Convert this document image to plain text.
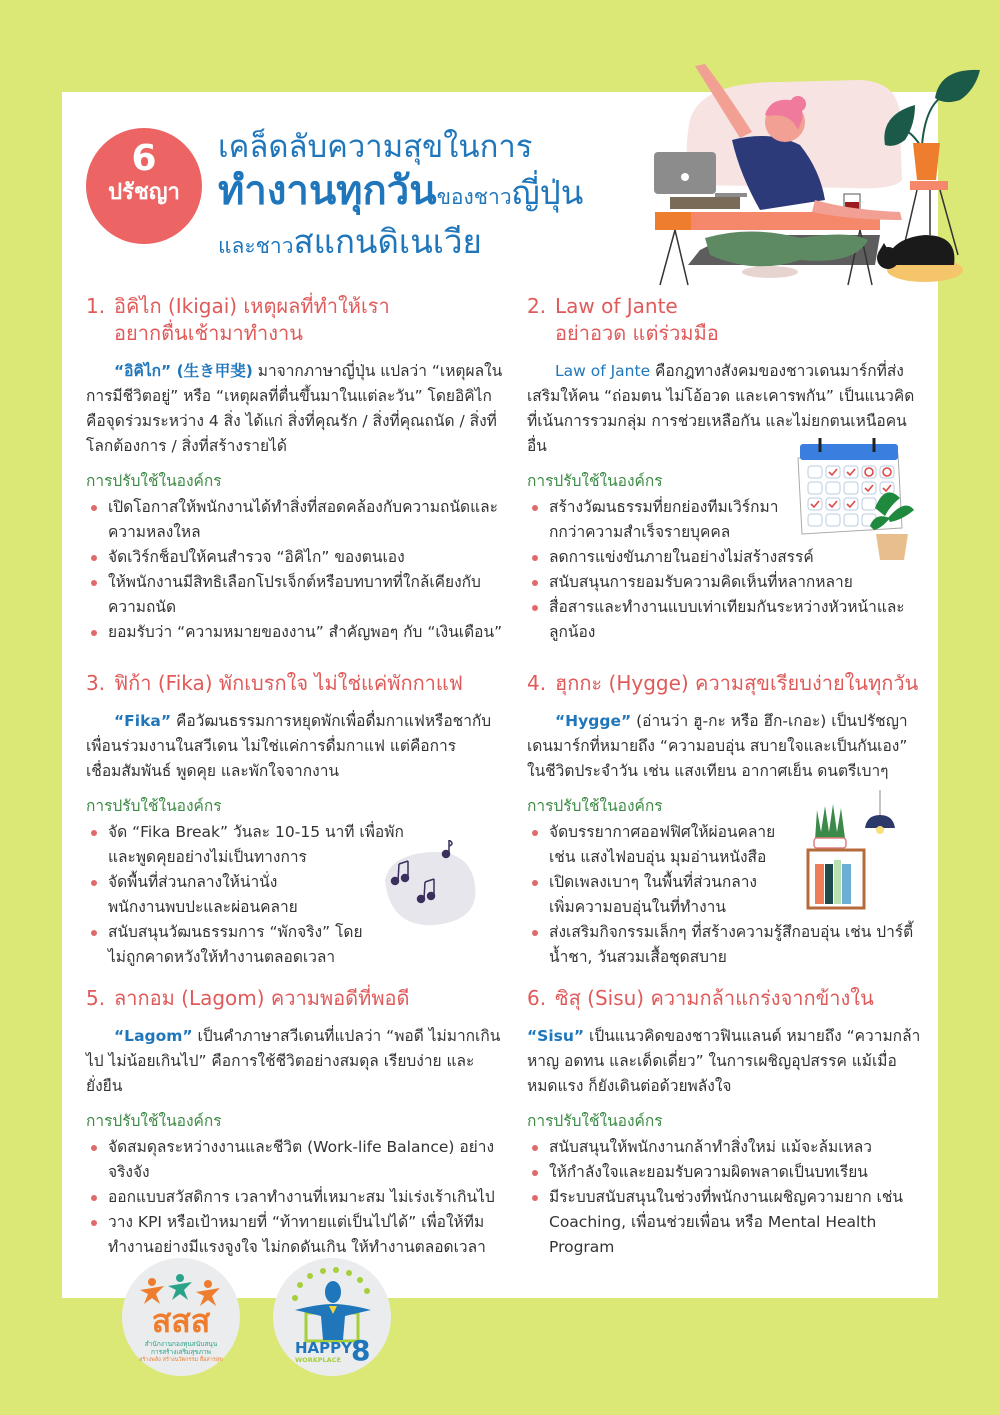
6
ปรัชญา
เคล็ดลับความสุขในการ
ทำงานทุกวันของชาวญี่ปุ่น
และชาวสแกนดิเนเวีย
1. อิคิไก (Ikigai) เหตุผลที่ทำให้เรา
อยากตื่นเช้ามาทำงาน

“อิคิไก” (生き甲斐) มาจากภาษาญี่ปุ่น แปลว่า “เหตุผลในการมีชีวิตอยู่” หรือ “เหตุผลที่ตื่นขึ้นมาในแต่ละวัน” โดยอิคิไกคือจุดร่วมระหว่าง 4 สิ่ง ได้แก่ สิ่งที่คุณรัก / สิ่งที่คุณถนัด / สิ่งที่โลกต้องการ / สิ่งที่สร้างรายได้

การปรับใช้ในองค์กร
เปิดโอกาสให้พนักงานได้ทำสิ่งที่สอดคล้องกับความถนัดและความหลงใหล
จัดเวิร์กช็อปให้คนสำรวจ “อิคิไก” ของตนเอง
ให้พนักงานมีสิทธิเลือกโปรเจ็กต์หรือบทบาทที่ใกล้เคียงกับความถนัด
ยอมรับว่า “ความหมายของงาน” สำคัญพอๆ กับ “เงินเดือน”
2. Law of Jante
อย่าอวด แต่ร่วมมือ

Law of Jante คือกฎทางสังคมของชาวเดนมาร์กที่ส่งเสริมให้คน “ถ่อมตน ไม่โอ้อวด และเคารพกัน” เป็นแนวคิดที่เน้นการรวมกลุ่ม การช่วยเหลือกัน และไม่ยกตนเหนือคนอื่น

การปรับใช้ในองค์กร
สร้างวัฒนธรรมที่ยกย่องทีมเวิร์กมากกว่าความสำเร็จรายบุคคล
ลดการแข่งขันภายในอย่างไม่สร้างสรรค์
สนับสนุนการยอมรับความคิดเห็นที่หลากหลาย
สื่อสารและทำงานแบบเท่าเทียมกันระหว่างหัวหน้าและลูกน้อง
3. ฟิก้า (Fika) พักเบรกใจ ไม่ใช่แค่พักกาแฟ

“Fika” คือวัฒนธรรมการหยุดพักเพื่อดื่มกาแฟหรือชากับเพื่อนร่วมงานในสวีเดน ไม่ใช่แค่การดื่มกาแฟ แต่คือการเชื่อมสัมพันธ์ พูดคุย และพักใจจากงาน

การปรับใช้ในองค์กร
จัด “Fika Break” วันละ 10-15 นาที เพื่อพักและพูดคุยอย่างไม่เป็นทางการ
จัดพื้นที่ส่วนกลางให้น่านั่งพนักงานพบปะและผ่อนคลาย
สนับสนุนวัฒนธรรมการ “พักจริง” โดยไม่ถูกคาดหวังให้ทำงานตลอดเวลา
4. ฮุกกะ (Hygge) ความสุขเรียบง่ายในทุกวัน

“Hygge” (อ่านว่า ฮู-กะ หรือ ฮึก-เกอะ) เป็นปรัชญาเดนมาร์กที่หมายถึง “ความอบอุ่น สบายใจและเป็นกันเอง” ในชีวิตประจำวัน เช่น แสงเทียน อากาศเย็น ดนตรีเบาๆ

การปรับใช้ในองค์กร
จัดบรรยากาศออฟฟิศให้ผ่อนคลาย เช่น แสงไฟอบอุ่น มุมอ่านหนังสือ
เปิดเพลงเบาๆ ในพื้นที่ส่วนกลาง เพิ่มความอบอุ่นในที่ทำงาน
ส่งเสริมกิจกรรมเล็กๆ ที่สร้างความรู้สึกอบอุ่น เช่น ปาร์ตี้น้ำชา, วันสวมเสื้อชุดสบาย
5. ลากอม (Lagom) ความพอดีที่พอดี

“Lagom” เป็นคำภาษาสวีเดนที่แปลว่า “พอดี ไม่มากเกินไป ไม่น้อยเกินไป” คือการใช้ชีวิตอย่างสมดุล เรียบง่าย และยั่งยืน

การปรับใช้ในองค์กร
จัดสมดุลระหว่างงานและชีวิต (Work-life Balance) อย่างจริงจัง
ออกแบบสวัสดิการ เวลาทำงานที่เหมาะสม ไม่เร่งเร้าเกินไป
วาง KPI หรือเป้าหมายที่ “ท้าทายแต่เป็นไปได้” เพื่อให้ทีมทำงานอย่างมีแรงจูงใจ ไม่กดดันเกิน ให้ทำงานตลอดเวลา
6. ซิสุ (Sisu) ความกล้าแกร่งจากข้างใน

“Sisu” เป็นแนวคิดของชาวฟินแลนด์ หมายถึง “ความกล้าหาญ อดทน และเด็ดเดี่ยว” ในการเผชิญอุปสรรค แม้เมื่อหมดแรง ก็ยังเดินต่อด้วยพลังใจ

การปรับใช้ในองค์กร
สนับสนุนให้พนักงานกล้าทำสิ่งใหม่ แม้จะล้มเหลว
ให้กำลังใจและยอมรับความผิดพลาดเป็นบทเรียน
มีระบบสนับสนุนในช่วงที่พนักงานเผชิญความยาก เช่น Coaching, เพื่อนช่วยเพื่อน หรือ Mental Health Program
สสส
สำนักงานกองทุนสนับสนุน
การสร้างเสริมสุขภาพ
สร้างพลัง สร้างนวัตกรรม สื่อสารสุข
HAPPY
WORKPLACE 8
